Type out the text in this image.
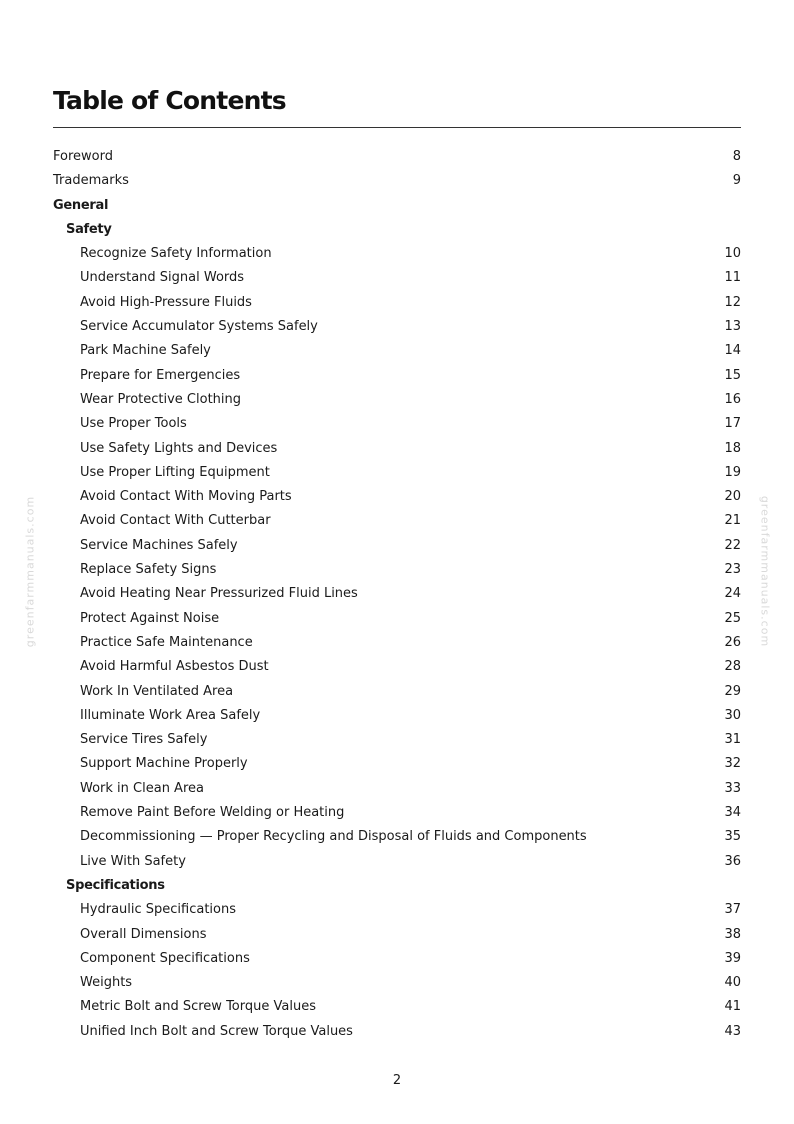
Table of Contents
Foreword	8
Trademarks	9
General
Safety
Recognize Safety Information	10
Understand Signal Words	11
Avoid High-Pressure Fluids	12
Service Accumulator Systems Safely	13
Park Machine Safely	14
Prepare for Emergencies	15
Wear Protective Clothing	16
Use Proper Tools	17
Use Safety Lights and Devices	18
Use Proper Lifting Equipment	19
Avoid Contact With Moving Parts	20
Avoid Contact With Cutterbar	21
Service Machines Safely	22
Replace Safety Signs	23
Avoid Heating Near Pressurized Fluid Lines	24
Protect Against Noise	25
Practice Safe Maintenance	26
Avoid Harmful Asbestos Dust	28
Work In Ventilated Area	29
Illuminate Work Area Safely	30
Service Tires Safely	31
Support Machine Properly	32
Work in Clean Area	33
Remove Paint Before Welding or Heating	34
Decommissioning — Proper Recycling and Disposal of Fluids and Components	35
Live With Safety	36
Specifications
Hydraulic Specifications	37
Overall Dimensions	38
Component Specifications	39
Weights	40
Metric Bolt and Screw Torque Values	41
Unified Inch Bolt and Screw Torque Values	43
2
greenfarmmanuals.com	greenfarmmanuals.com
